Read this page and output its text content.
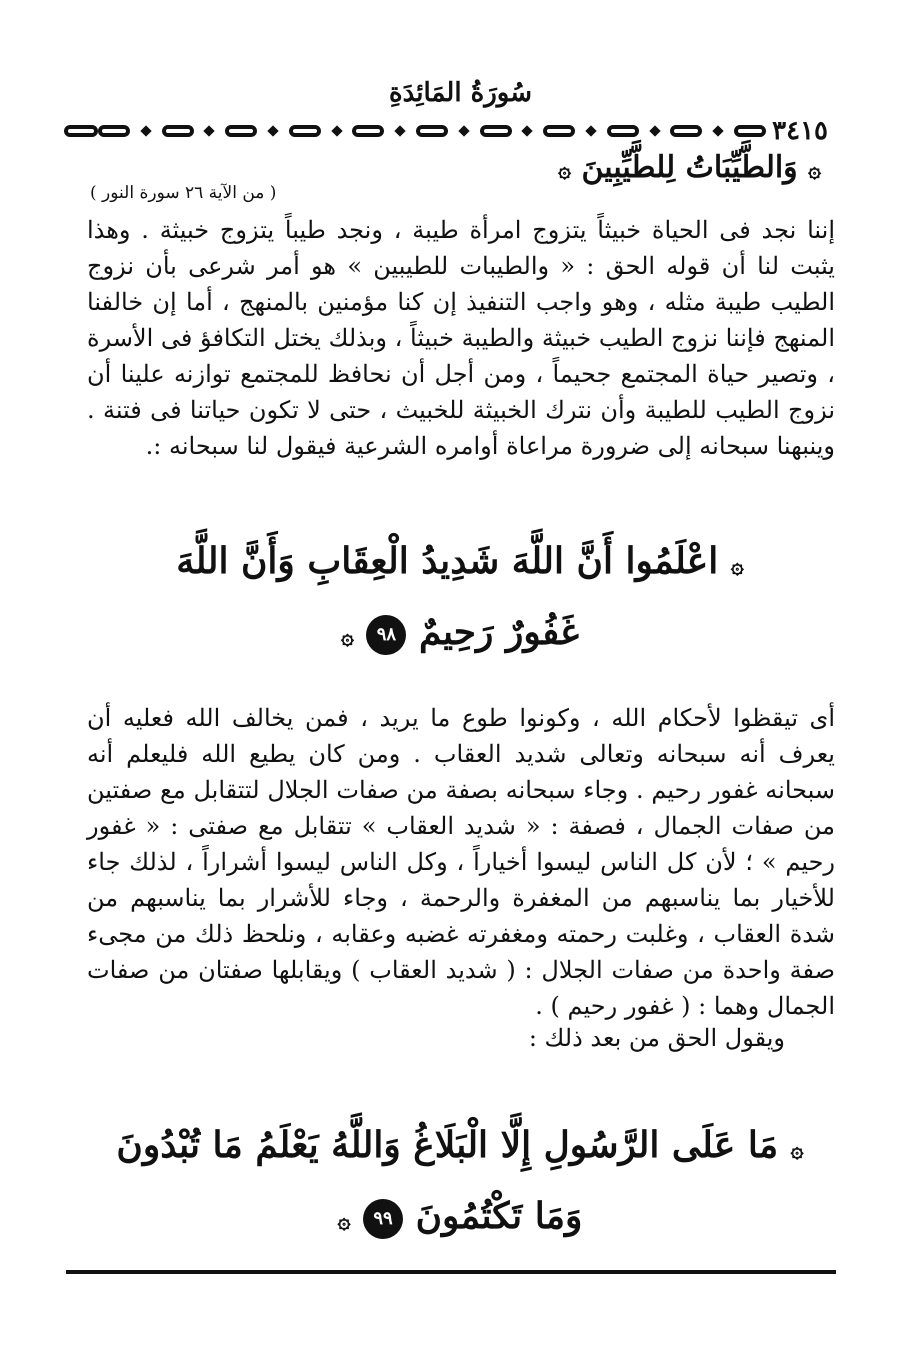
سُورَةُ المَائِدَةِ
٣٤١٥
۞ وَالطَّيِّبَاتُ لِلطَّيِّبِينَ ۞
( من الآية ٢٦ سورة النور )
إننا نجد فى الحياة خبيثاً يتزوج امرأة طيبة ، ونجد طيباً يتزوج خبيثة . وهذا يثبت لنا أن قوله الحق : « والطيبات للطيبين » هو أمر شرعى بأن نزوج الطيب طيبة مثله ، وهو واجب التنفيذ إن كنا مؤمنين بالمنهج ، أما إن خالفنا المنهج فإننا نزوج الطيب خبيثة والطيبة خبيثاً ، وبذلك يختل التكافؤ فى الأسرة ، وتصير حياة المجتمع جحيماً ، ومن أجل أن نحافظ للمجتمع توازنه علينا أن نزوج الطيب للطيبة وأن نترك الخبيثة للخبيث ، حتى لا تكون حياتنا فى فتنة . وينبهنا سبحانه إلى ضرورة مراعاة أوامره الشرعية فيقول لنا سبحانه :.
۞ اعْلَمُوا أَنَّ اللَّهَ شَدِيدُ الْعِقَابِ وَأَنَّ اللَّهَ
غَفُورٌ رَحِيمٌ ٩٨ ۞
أى تيقظوا لأحكام الله ، وكونوا طوع ما يريد ، فمن يخالف الله فعليه أن يعرف أنه سبحانه وتعالى شديد العقاب . ومن كان يطيع الله فليعلم أنه سبحانه غفور رحيم . وجاء سبحانه بصفة من صفات الجلال لتتقابل مع صفتين من صفات الجمال ، فصفة : « شديد العقاب » تتقابل مع صفتى : « غفور رحيم » ؛ لأن كل الناس ليسوا أخياراً ، وكل الناس ليسوا أشراراً ، لذلك جاء للأخيار بما يناسبهم من المغفرة والرحمة ، وجاء للأشرار بما يناسبهم من شدة العقاب ، وغلبت رحمته ومغفرته غضبه وعقابه ، ونلحظ ذلك من مجىء صفة واحدة من صفات الجلال : ( شديد العقاب ) ويقابلها صفتان من صفات الجمال وهما : ( غفور رحيم ) .
ويقول الحق من بعد ذلك :
۞ مَا عَلَى الرَّسُولِ إِلَّا الْبَلَاغُ وَاللَّهُ يَعْلَمُ مَا تُبْدُونَ
وَمَا تَكْتُمُونَ ٩٩ ۞
